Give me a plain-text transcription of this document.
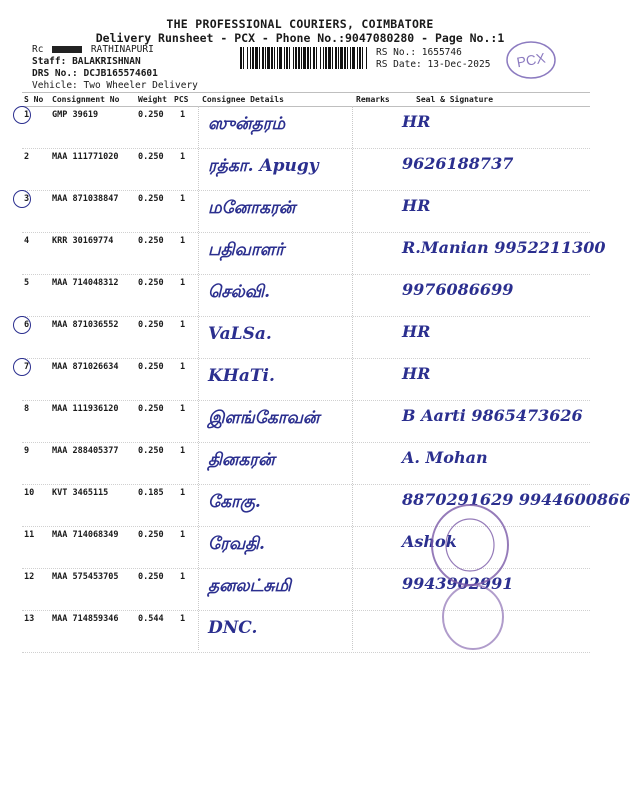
THE PROFESSIONAL COURIERS, COIMBATORE
Delivery Runsheet - PCX - Phone No.:9047080280 - Page No.:1
Rc	RATHINAPURI
Staff: BALAKRISHNAN
DRS No.: DCJB165574601
Vehicle: Two Wheeler Delivery
RS No.: 1655746
RS Date: 13-Dec-2025 PCX
S No Consignment No Weight PCS Consignee Details	Remarks	Seal & Signature
1	GMP 39619	0.250 1 ஸுன்தரம்	HR
2	MAA 111771020 0.250 1 ரத்கா. Apugy	9626188737
3	MAA 871038847 0.250 1 மனோகரன்	HR
4	KRR 30169774	0.250 1 பதிவாளர்	R.Manian 9952211300
5	MAA 714048312 0.250 1 செல்வி.	9976086699
6	MAA 871036552 0.250 1 VaLSa.	HR
7	MAA 871026634 0.250 1 KHaTi.	HR
8	MAA 111936120 0.250 1 இளங்கோவன்	B Aarti 9865473626
9	MAA 288405377 0.250 1 தினகரன்	A. Mohan
10 KVT 3465115	0.185 1 கோகு.	8870291629 9944600866
11 MAA 714068349 0.250 1 ரேவதி.	Ashok
12 MAA 575453705 0.250 1 தனலட்சுமி	9943902991
13 MAA 714859346 0.544 1 DNC.
